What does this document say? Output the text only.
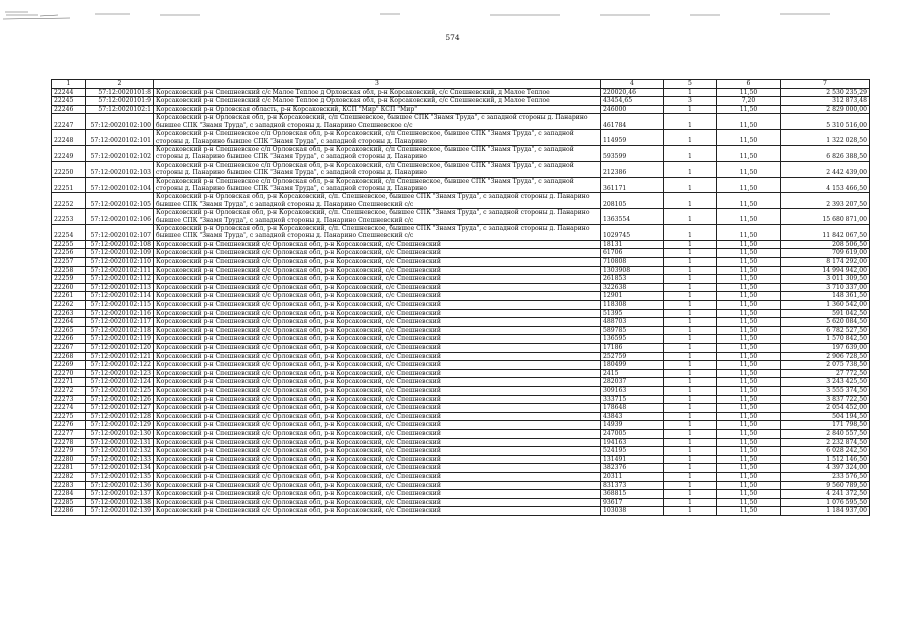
574
1	2	3	4	5	6	7
22244	57:12:0020101:8	Корсаковский р-н Спешневский с/с Малое Теплое д Орловская обл, р-н Корсаковский, с/с Спешневский, д Малое Теплое	220020,46	1	11,50	2 530 235,29
22245	57:12:0020101:9	Корсаковский р-н Спешневский с/с Малое Теплое д Орловская обл, р-н Корсаковский, с/с Спешневский, д Малое Теплое	43454,65	3	7,20	312 873,48
22246	57:12:0020102:1	Корсаковский р-н Орловская область, р-н Корсаковский, КСП "Мир" КСП "Мир"	246000	1	11,50	2 829 000,00
22247	57:12:0020102:100	Корсаковский р-н Орловская обл, р-н Корсаковский, с/п Спешневское, бывшее СПК "Знамя Труда", с западной стороны д. Панарино бывшее СПК "Знамя Труда", с западной стороны д. Панарино Спешневское с/с	461784	1	11,50	5 310 516,00
22248	57:12:0020102:101	Корсаковский р-н Спешневское с/п Орловская обл, р-н Корсаковский, с/п Спешневское, бывшее СПК "Знамя Труда", с западной стороны д. Панарино бывшее СПК "Знамя Труда", с западной стороны д. Панарино	114959	1	11,50	1 322 028,50
22249	57:12:0020102:102	Корсаковский р-н Спешневское с/п Орловская обл, р-н Корсаковский, с/п Спешневское, бывшее СПК "Знамя Труда", с западной стороны д. Панарино бывшее СПК "Знамя Труда", с западной стороны д. Панарино	593599	1	11,50	6 826 388,50
22250	57:12:0020102:103	Корсаковский р-н Спешневское с/п Орловская обл, р-н Корсаковский, с/п Спешневское, бывшее СПК "Знамя Труда", с западной стороны д. Панарино бывшее СПК "Знамя Труда", с западной стороны д. Панарино	212386	1	11,50	2 442 439,00
22251	57:12:0020102:104	Корсаковский р-н Спешневское с/п Орловская обл, р-н Корсаковский, с/п Спешневское, бывшее СПК "Знамя Труда", с западной стороны д. Панарино бывшее СПК "Знамя Труда", с западной стороны д. Панарино	361171	1	11,50	4 153 466,50
22252	57:12:0020102:105	Корсаковский р-н Орловская обл, р-н Корсаковский, с/п. Спешневское, бывшее СПК "Знамя Труда", с западной стороны д. Панарино бывшее СПК "Знамя Труда", с западной стороны д. Панарино Спешневский с/с	208105	1	11,50	2 393 207,50
22253	57:12:0020102:106	Корсаковский р-н Орловская обл, р-н Корсаковский, с/п. Спешневское, бывшее СПК "Знамя Труда", с западной стороны д. Панарино бывшее СПК "Знамя Труда", с западной стороны д. Панарино Спешневский с/с	1363554	1	11,50	15 680 871,00
22254	57:12:0020102:107	Корсаковский р-н Орловская обл, р-н Корсаковский, с/п. Спешневское, бывшее СПК "Знамя Труда", с западной стороны д. Панарино бывшее СПК "Знамя Труда", с западной стороны д. Панарино Спешневский с/с	1029745	1	11,50	11 842 067,50
22255	57:12:0020102:108	Корсаковский р-н Спешневский с/с Орловская обл, р-н Корсаковский, с/с Спешневский	18131	1	11,50	208 506,50
22256	57:12:0020102:109	Корсаковский р-н Спешневский с/с Орловская обл, р-н Корсаковский, с/с Спешневский	61706	1	11,50	709 619,00
22257	57:12:0020102:110	Корсаковский р-н Спешневский с/с Орловская обл, р-н Корсаковский, с/с Спешневский	710808	1	11,50	8 174 292,00
22258	57:12:0020102:111	Корсаковский р-н Спешневский с/с Орловская обл, р-н Корсаковский, с/с Спешневский	1303908	1	11,50	14 994 942,00
22259	57:12:0020102:112	Корсаковский р-н Спешневский с/с Орловская обл, р-н Корсаковский, с/с Спешневский	261853	1	11,50	3 011 309,50
22260	57:12:0020102:113	Корсаковский р-н Спешневский с/с Орловская обл, р-н Корсаковский, с/с Спешневский	322638	1	11,50	3 710 337,00
22261	57:12:0020102:114	Корсаковский р-н Спешневский с/с Орловская обл, р-н Корсаковский, с/с Спешневский	12901	1	11,50	148 361,50
22262	57:12:0020102:115	Корсаковский р-н Спешневский с/с Орловская обл, р-н Корсаковский, с/с Спешневский	118308	1	11,50	1 360 542,00
22263	57:12:0020102:116	Корсаковский р-н Спешневский с/с Орловская обл, р-н Корсаковский, с/с Спешневский	51395	1	11,50	591 042,50
22264	57:12:0020102:117	Корсаковский р-н Спешневский с/с Орловская обл, р-н Корсаковский, с/с Спешневский	488703	1	11,50	5 620 084,50
22265	57:12:0020102:118	Корсаковский р-н Спешневский с/с Орловская обл, р-н Корсаковский, с/с Спешневский	589785	1	11,50	6 782 527,50
22266	57:12:0020102:119	Корсаковский р-н Спешневский с/с Орловская обл, р-н Корсаковский, с/с Спешневский	136595	1	11,50	1 570 842,50
22267	57:12:0020102:120	Корсаковский р-н Спешневский с/с Орловская обл, р-н Корсаковский, с/с Спешневский	17186	1	11,50	197 639,00
22268	57:12:0020102:121	Корсаковский р-н Спешневский с/с Орловская обл, р-н Корсаковский, с/с Спешневский	252759	1	11,50	2 906 728,50
22269	57:12:0020102:122	Корсаковский р-н Спешневский с/с Орловская обл, р-н Корсаковский, с/с Спешневский	180499	1	11,50	2 075 738,50
22270	57:12:0020102:123	Корсаковский р-н Спешневский с/с Орловская обл, р-н Корсаковский, с/с Спешневский	2415	1	11,50	27 772,50
22271	57:12:0020102:124	Корсаковский р-н Спешневский с/с Орловская обл, р-н Корсаковский, с/с Спешневский	282037	1	11,50	3 243 425,50
22272	57:12:0020102:125	Корсаковский р-н Спешневский с/с Орловская обл, р-н Корсаковский, с/с Спешневский	309163	1	11,50	3 555 374,50
22273	57:12:0020102:126	Корсаковский р-н Спешневский с/с Орловская обл, р-н Корсаковский, с/с Спешневский	333715	1	11,50	3 837 722,50
22274	57:12:0020102:127	Корсаковский р-н Спешневский с/с Орловская обл, р-н Корсаковский, с/с Спешневский	178648	1	11,50	2 054 452,00
22275	57:12:0020102:128	Корсаковский р-н Спешневский с/с Орловская обл, р-н Корсаковский, с/с Спешневский	43843	1	11,50	504 194,50
22276	57:12:0020102:129	Корсаковский р-н Спешневский с/с Орловская обл, р-н Корсаковский, с/с Спешневский	14939	1	11,50	171 798,50
22277	57:12:0020102:130	Корсаковский р-н Спешневский с/с Орловская обл, р-н Корсаковский, с/с Спешневский	247005	1	11,50	2 840 557,50
22278	57:12:0020102:131	Корсаковский р-н Спешневский с/с Орловская обл, р-н Корсаковский, с/с Спешневский	194163	1	11,50	2 232 874,50
22279	57:12:0020102:132	Корсаковский р-н Спешневский с/с Орловская обл, р-н Корсаковский, с/с Спешневский	524195	1	11,50	6 028 242,50
22280	57:12:0020102:133	Корсаковский р-н Спешневский с/с Орловская обл, р-н Корсаковский, с/с Спешневский	131491	1	11,50	1 512 146,50
22281	57:12:0020102:134	Корсаковский р-н Спешневский с/с Орловская обл, р-н Корсаковский, с/с Спешневский	382376	1	11,50	4 397 324,00
22282	57:12:0020102:135	Корсаковский р-н Спешневский с/с Орловская обл, р-н Корсаковский, с/с Спешневский	20311	1	11,50	233 576,50
22283	57:12:0020102:136	Корсаковский р-н Спешневский с/с Орловская обл, р-н Корсаковский, с/с Спешневский	831373	1	11,50	9 560 789,50
22284	57:12:0020102:137	Корсаковский р-н Спешневский с/с Орловская обл, р-н Корсаковский, с/с Спешневский	368815	1	11,50	4 241 372,50
22285	57:12:0020102:138	Корсаковский р-н Спешневский с/с Орловская обл, р-н Корсаковский, с/с Спешневский	93617	1	11,50	1 076 595,50
22286	57:12:0020102:139	Корсаковский р-н Спешневский с/с Орловская обл, р-н Корсаковский, с/с Спешневский	103038	1	11,50	1 184 937,00
